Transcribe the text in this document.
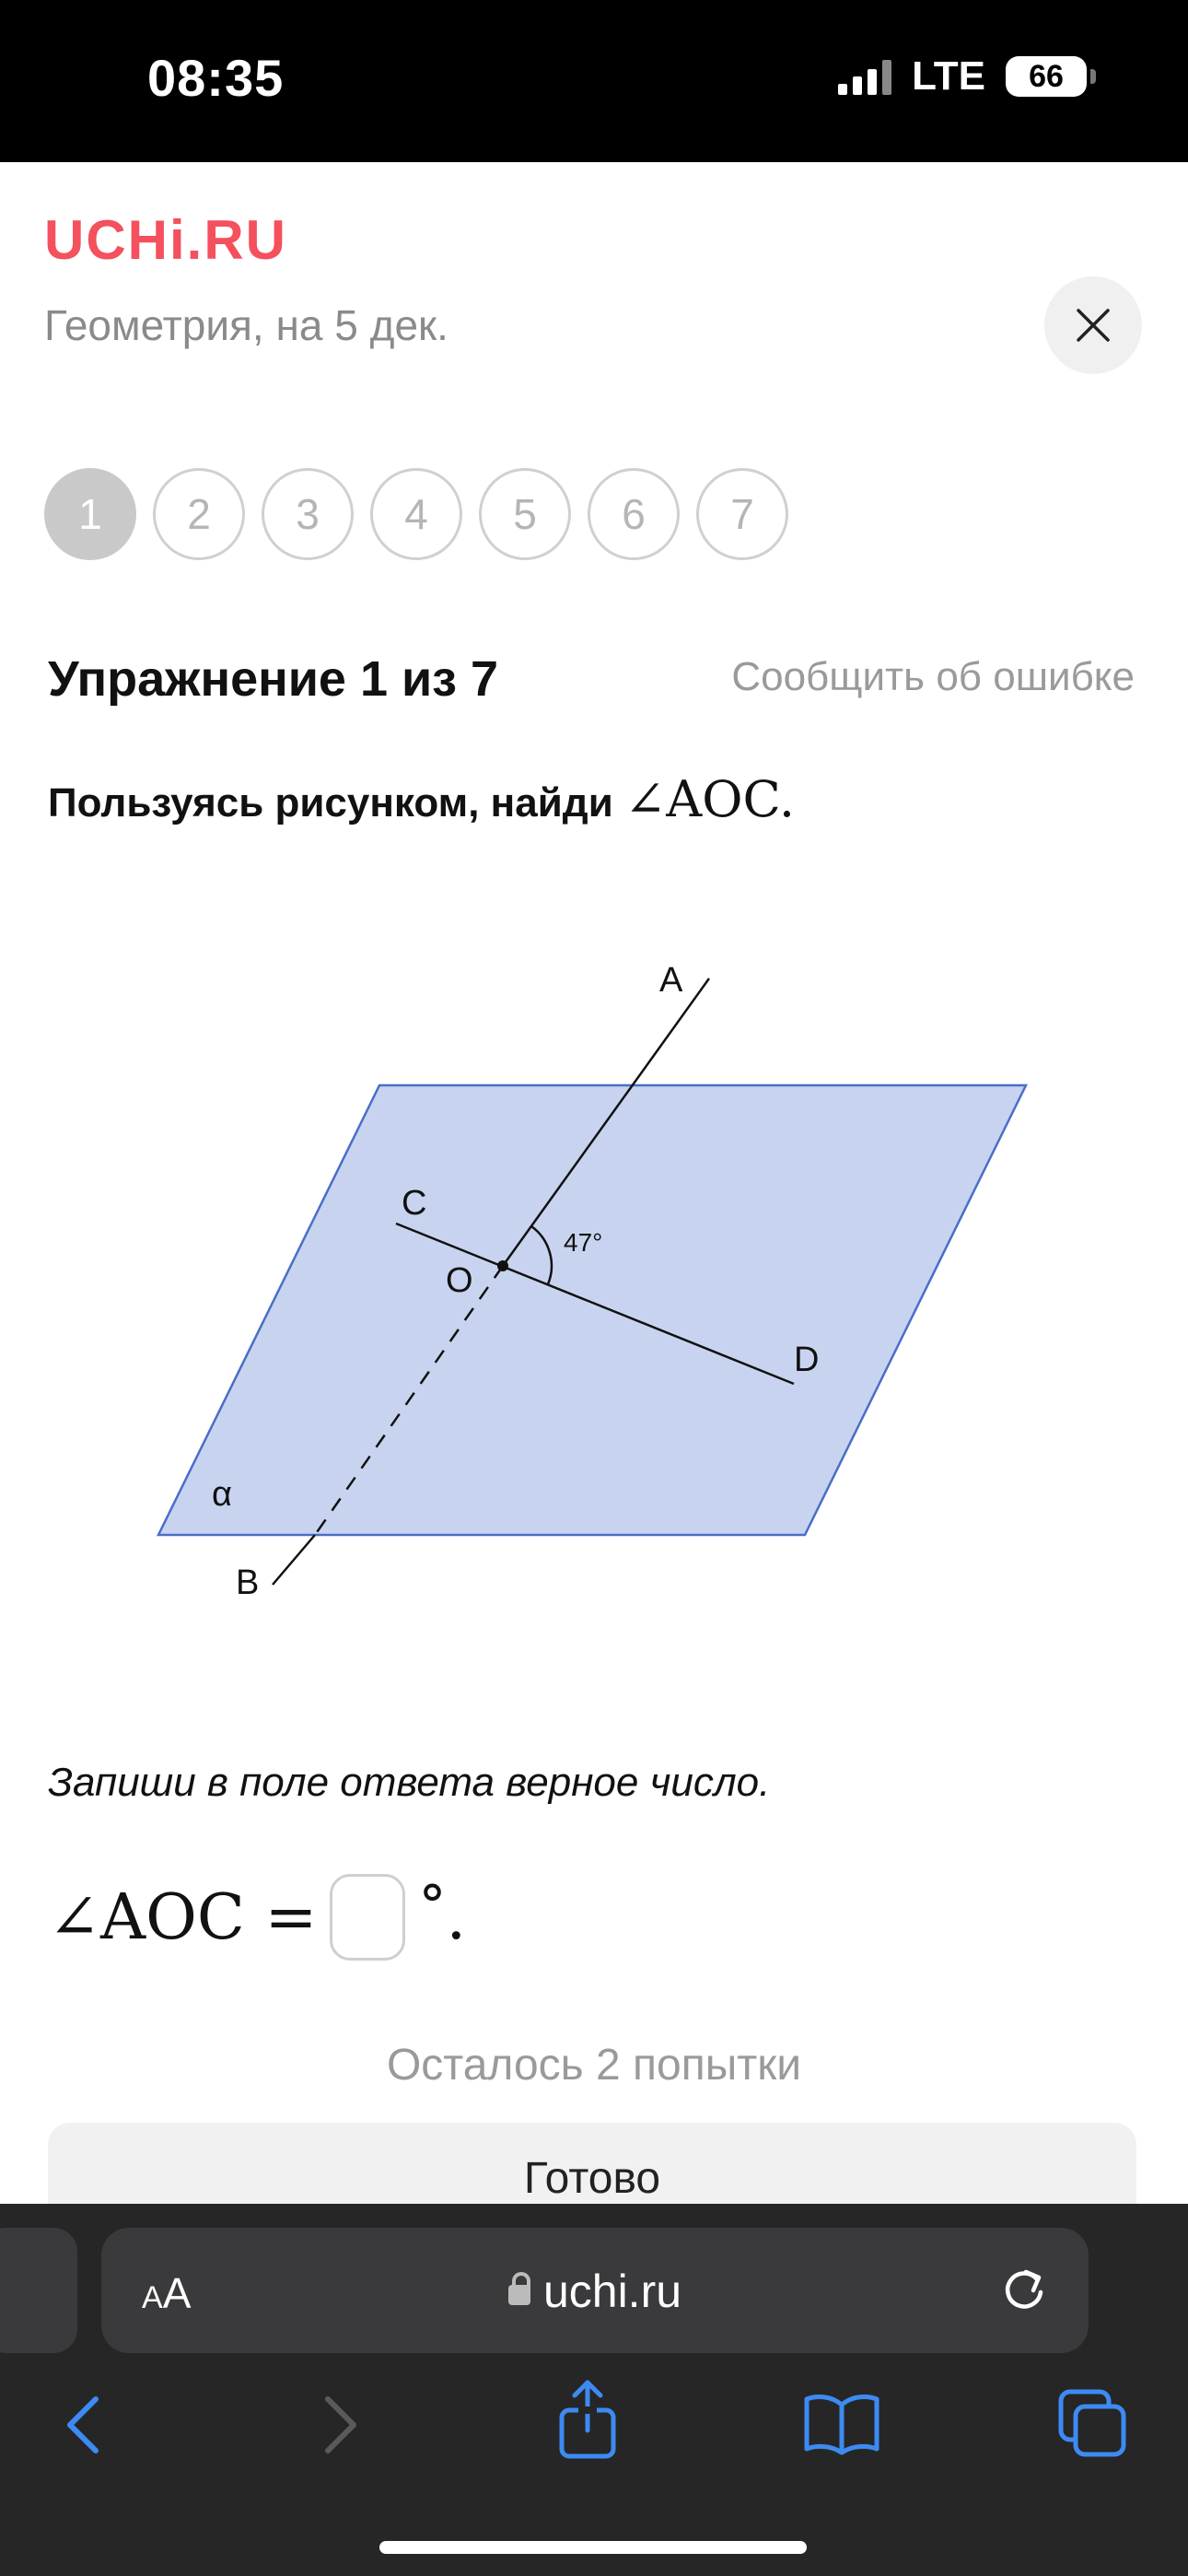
08:35	LTE 66
UCHi.RU
Геометрия, на 5 дек.
1	2	3	4	5	6	7
Упражнение 1 из 7	Сообщить об ошибке
Пользуясь рисунком, найди ∠AOC.
A
B
C
D
O
α
47°
Запиши в поле ответа верное число.
∠AOC = ° .
Осталось 2 попытки
Готово
AA	uchi.ru
